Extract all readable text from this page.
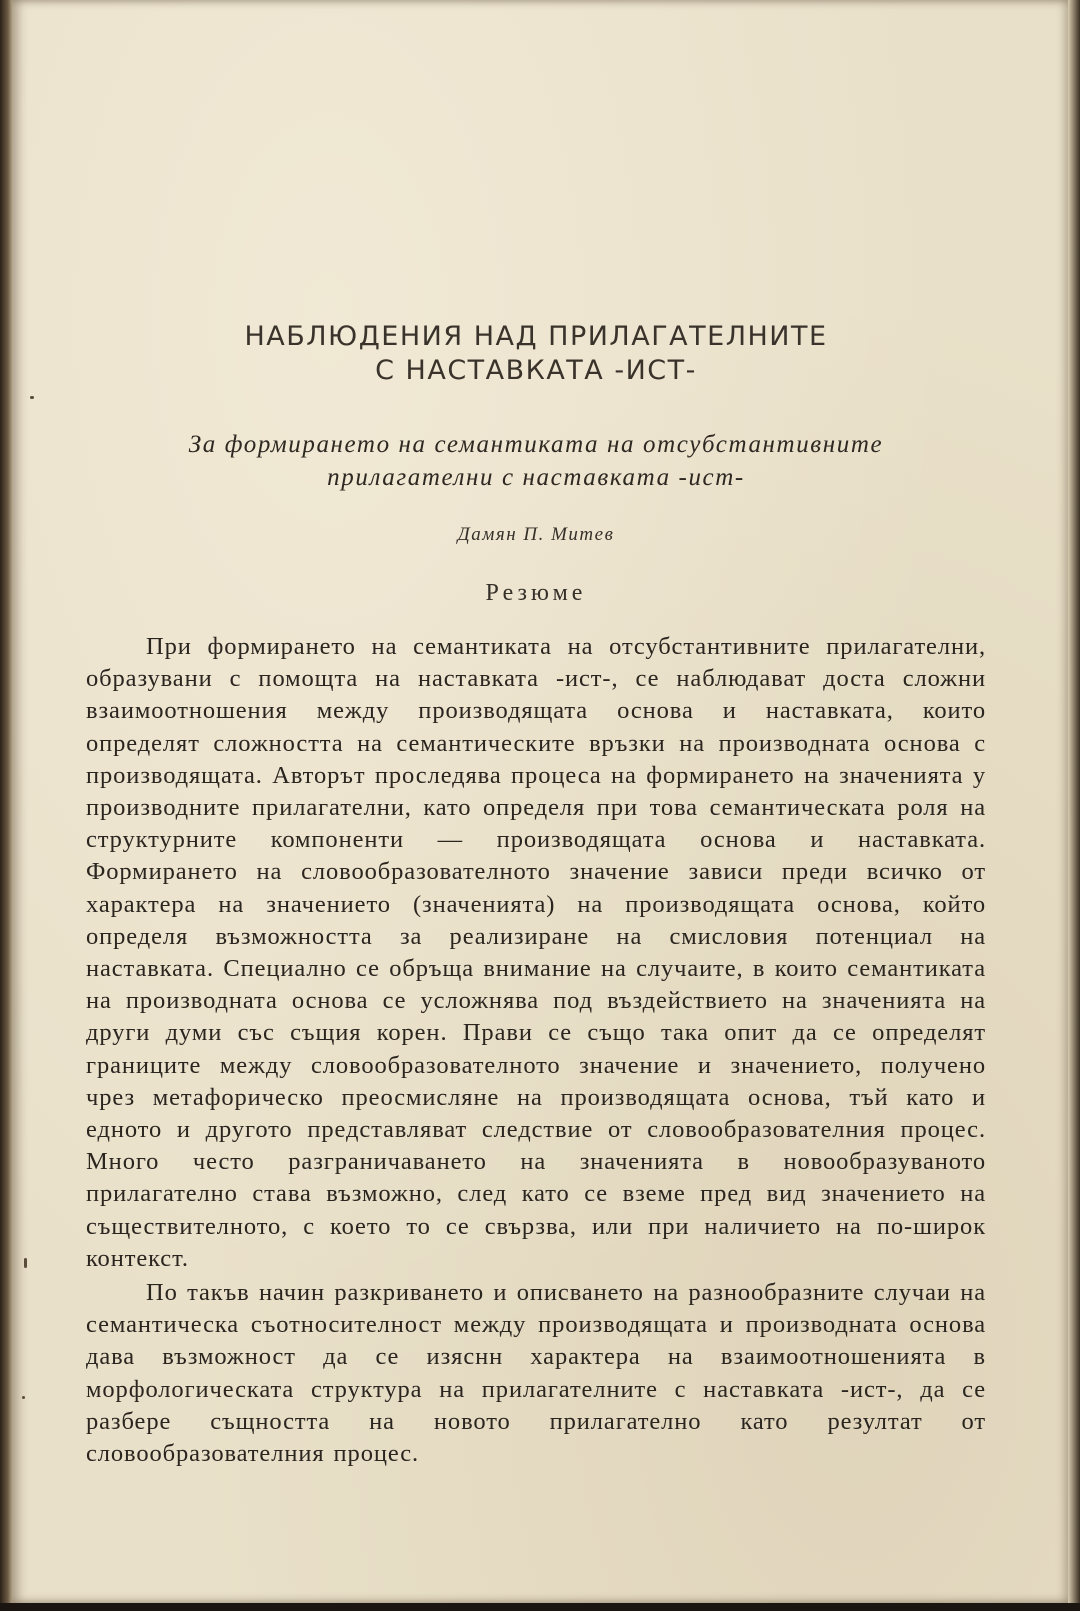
НАБЛЮДЕНИЯ НАД ПРИЛАГАТЕЛНИТЕ
С НАСТАВКАТА -ИСТ-
За формирането на семантиката на отсубстантивните
прилагателни с наставката -ист-
Дамян П. Митев
Резюме

При формирането на семантиката на отсубстантивните прилагателни, образувани с помощта на наставката -ист-, се наблюдават доста сложни взаимоотношения между производящата основа и наставката, които определят сложността на семантическите връзки на производната основа с производящата. Авторът проследява процеса на формирането на значенията у производните прилагателни, като определя при това семантическата роля на структурните компоненти — производящата основа и наставката. Формирането на словообразователното значение зависи преди всичко от характера на значението (значенията) на производящата основа, който определя възможността за реализиране на смисловия потенциал на наставката. Специално се обръща внимание на случаите, в които семантиката на производната основа се усложнява под въздействието на значенията на други думи със същия корен. Прави се също така опит да се определят границите между словообразователното значение и значението, получено чрез метафорическо преосмисляне на производящата основа, тъй като и едното и другото представляват следствие от словообразователния процес. Много често разграничаването на значенията в новообразуваното прилагателно става възможно, след като се вземе пред вид значението на съществителното, с което то се свързва, или при наличието на по-широк контекст.

По такъв начин разкриването и описването на разнообразните случаи на семантическа съотносителност между производящата и производната основа дава възможност да се изяснн характера на взаимоотношенията в морфологическата структура на прилагателните с наставката -ист-, да се разбере същността на новото прилагателно като резултат от словообразователния процес.
